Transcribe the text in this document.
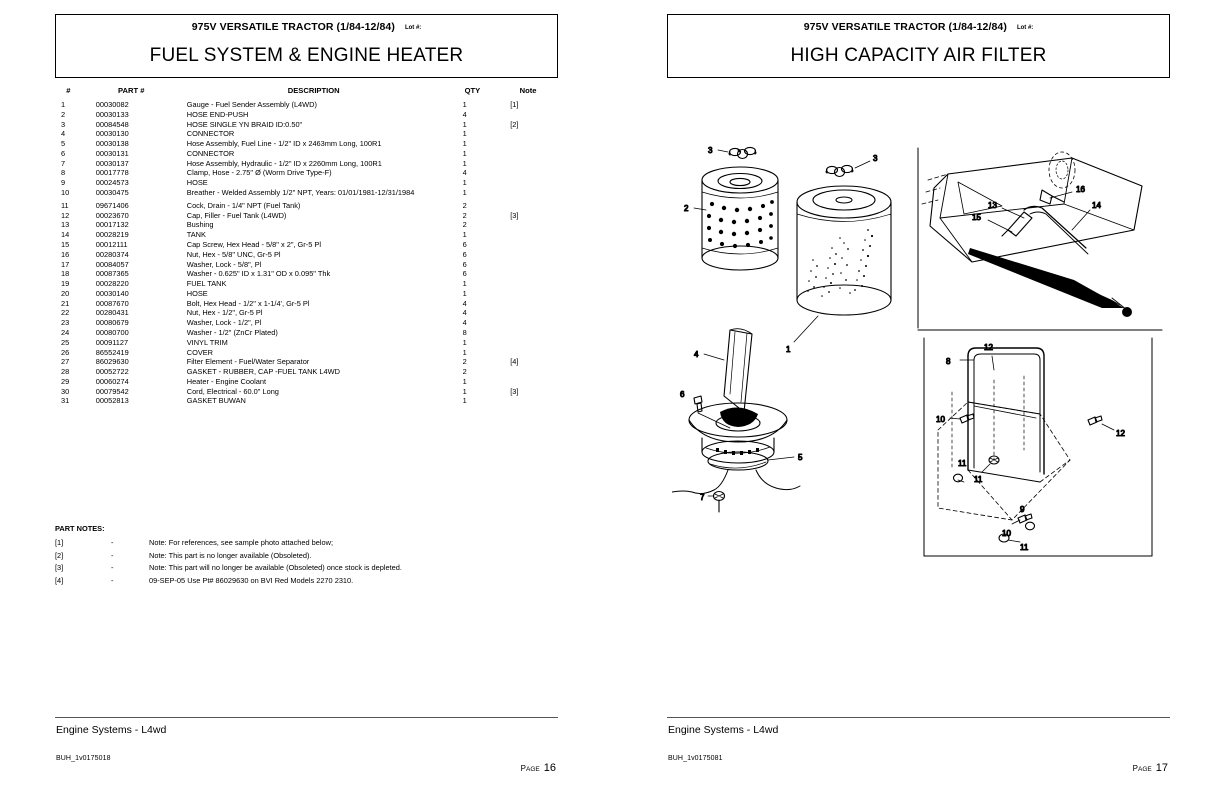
975V VERSATILE TRACTOR (1/84-12/84) Lot #:
FUEL SYSTEM & ENGINE HEATER
#	PART #	DESCRIPTION	QTY	Note
1	00030082	Gauge - Fuel Sender Assembly (L4WD)	1	[1]
2	00030133	HOSE END-PUSH	4	
3	00084548	HOSE SINGLE YN BRAID ID:0.50"	1	[2]
4	00030130	CONNECTOR	1	
5	00030138	Hose Assembly, Fuel Line - 1/2" ID x 2463mm Long, 100R1	1	
6	00030131	CONNECTOR	1	
7	00030137	Hose Assembly, Hydraulic - 1/2" ID x 2260mm Long, 100R1	1	
8	00017778	Clamp, Hose - 2.75" Ø (Worm Drive Type-F)	4	
9	00024573	HOSE	1	
10	00030475	Breather - Welded Assembly 1/2" NPT, Years: 01/01/1981-12/31/1984	1	
11	09671406	Cock, Drain - 1/4" NPT (Fuel Tank)	2	
12	00023670	Cap, Filler - Fuel Tank (L4WD)	2	[3]
13	00017132	Bushing	2	
14	00028219	TANK	1	
15	00012111	Cap Screw, Hex Head - 5/8" x 2", Gr-5 Pl	6	
16	00280374	Nut, Hex - 5/8" UNC, Gr-5 Pl	6	
17	00084057	Washer, Lock - 5/8", Pl	6	
18	00087365	Washer - 0.625" ID x 1.31" OD x 0.095" Thk	6	
19	00028220	FUEL TANK	1	
20	00030140	HOSE	1	
21	00087670	Bolt, Hex Head - 1/2" x 1-1/4', Gr-5 Pl	4	
22	00280431	Nut, Hex - 1/2", Gr-5 Pl	4	
23	00080679	Washer, Lock - 1/2", Pl	4	
24	00080700	Washer - 1/2" (ZnCr Plated)	8	
25	00091127	VINYL TRIM	1	
26	86552419	COVER	1	
27	86029630	Filter Element - Fuel/Water Separator	2	[4]
28	00052722	GASKET - RUBBER, CAP -FUEL TANK L4WD	2	
29	00060274	Heater - Engine Coolant	1	
30	00079542	Cord, Electrical - 60.0" Long	1	[3]
31	00052813	GASKET BUWAN	1	
PART NOTES:
[1]	-	Note: For references, see sample photo attached below;
[2]	-	Note: This part is no longer available (Obsoleted).
[3]	-	Note: This part will no longer be available (Obsoleted) once stock is depleted.
[4]	-	09-SEP-05 Use Pt# 86029630 on BVI Red Models 2270 2310.
Engine Systems - L4wd
BUH_1v0175018
PAGE 16
975V VERSATILE TRACTOR (1/84-12/84) Lot #:
HIGH CAPACITY AIR FILTER
3
2
3
1
4
6
5
7
16
14
13
15
8
12
10
10
11
11
11
12
9
Engine Systems - L4wd
BUH_1v0175081
PAGE 17
